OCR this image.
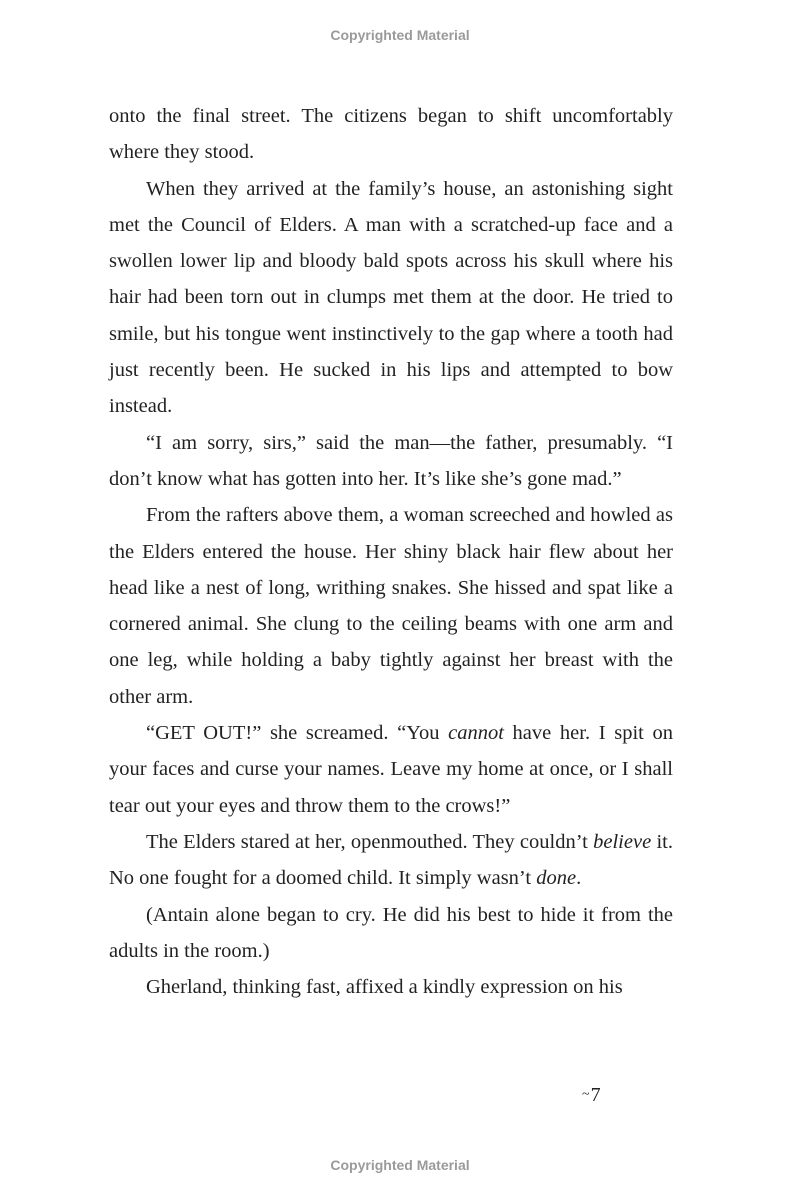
Copyrighted Material

onto the final street. The citizens began to shift uncomfortably where they stood.

When they arrived at the family’s house, an astonishing sight met the Council of Elders. A man with a scratched-up face and a swollen lower lip and bloody bald spots across his skull where his hair had been torn out in clumps met them at the door. He tried to smile, but his tongue went instinctively to the gap where a tooth had just recently been. He sucked in his lips and attempted to bow instead.

“I am sorry, sirs,” said the man—the father, presumably. “I don’t know what has gotten into her. It’s like she’s gone mad.”

From the rafters above them, a woman screeched and howled as the Elders entered the house. Her shiny black hair flew about her head like a nest of long, writhing snakes. She hissed and spat like a cornered animal. She clung to the ceiling beams with one arm and one leg, while holding a baby tightly against her breast with the other arm.

“GET OUT!” she screamed. “You cannot have her. I spit on your faces and curse your names. Leave my home at once, or I shall tear out your eyes and throw them to the crows!”

The Elders stared at her, openmouthed. They couldn’t believe it. No one fought for a doomed child. It simply wasn’t done.

(Antain alone began to cry. He did his best to hide it from the adults in the room.)

Gherland, thinking fast, affixed a kindly expression on his

~7
Copyrighted Material
